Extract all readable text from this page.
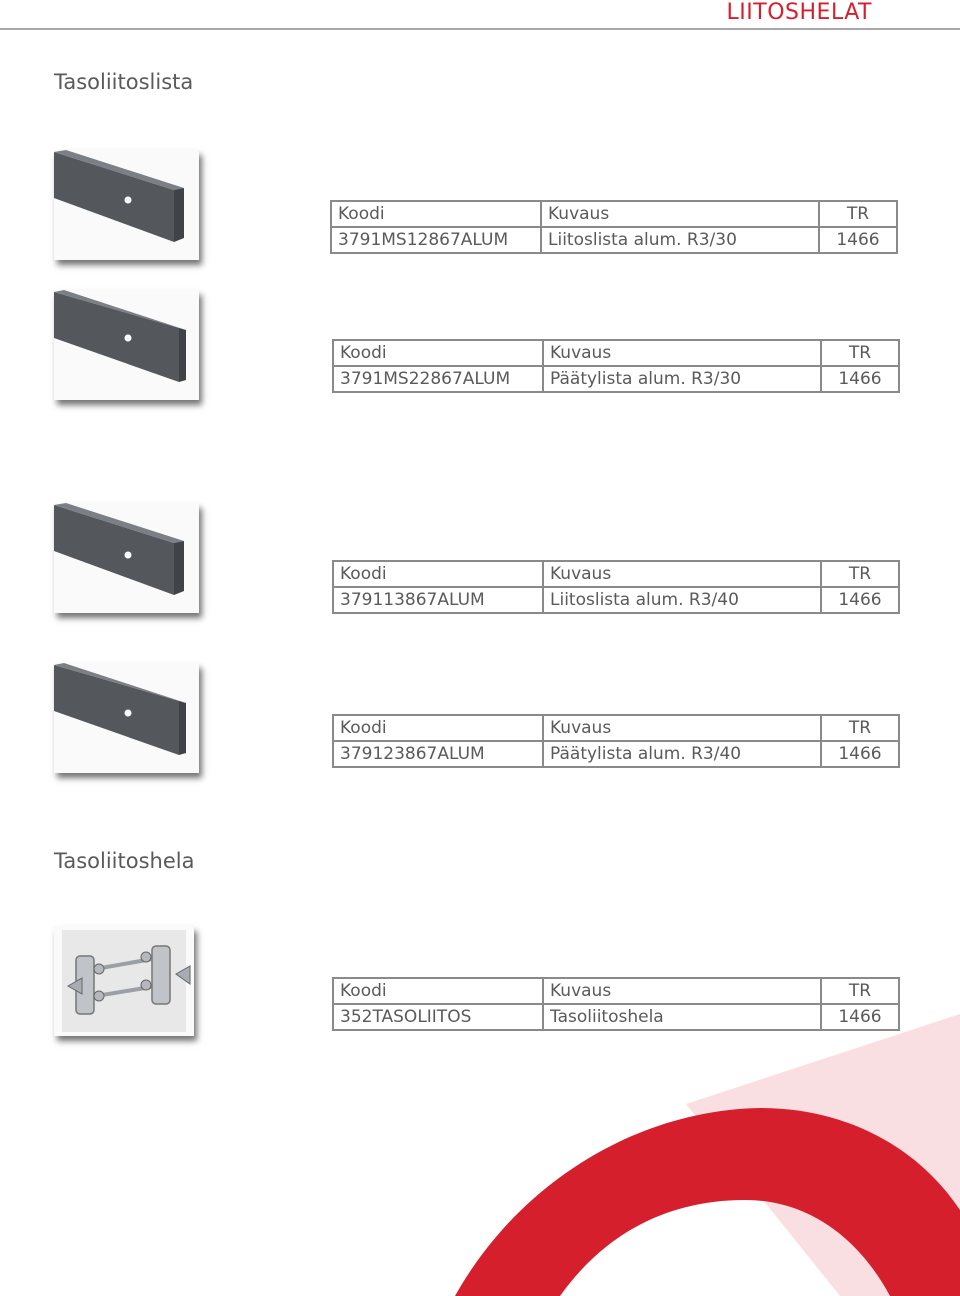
LIITOSHELAT
Tasoliitoslista
Koodi	Kuvaus	TR
3791MS12867ALUM	Liitoslista alum. R3/30	1466
Koodi	Kuvaus	TR
3791MS22867ALUM	Päätylista alum. R3/30	1466
Koodi	Kuvaus	TR
379113867ALUM	Liitoslista alum. R3/40	1466
Koodi	Kuvaus	TR
379123867ALUM	Päätylista alum. R3/40	1466
Tasoliitoshela
Koodi	Kuvaus	TR
352TASOLIITOS	Tasoliitoshela	1466
